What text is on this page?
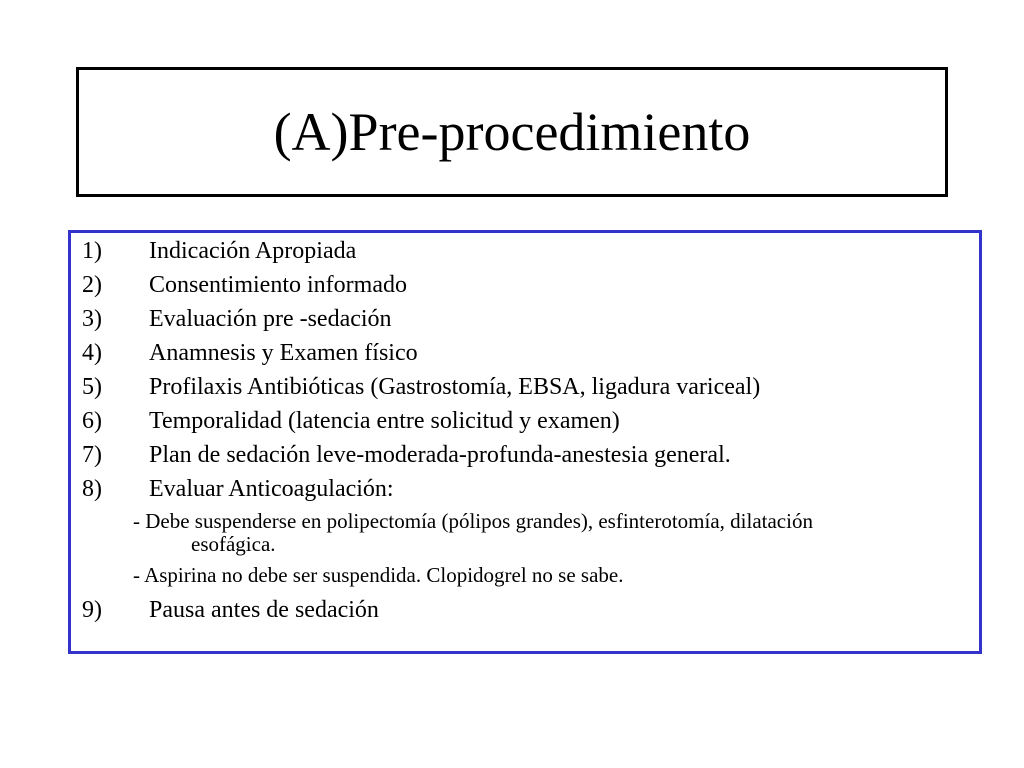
(A)Pre-procedimiento
1) Indicación Apropiada
2) Consentimiento informado
3) Evaluación pre -sedación
4) Anamnesis y Examen físico
5) Profilaxis Antibióticas (Gastrostomía, EBSA, ligadura variceal)
6) Temporalidad (latencia entre solicitud y examen)
7) Plan de sedación leve-moderada-profunda-anestesia general.
8) Evaluar Anticoagulación:
- Debe suspenderse en polipectomía (pólipos grandes), esfinterotomía, dilatación
esofágica.
- Aspirina no debe ser suspendida. Clopidogrel no se sabe.
9) Pausa antes de sedación
